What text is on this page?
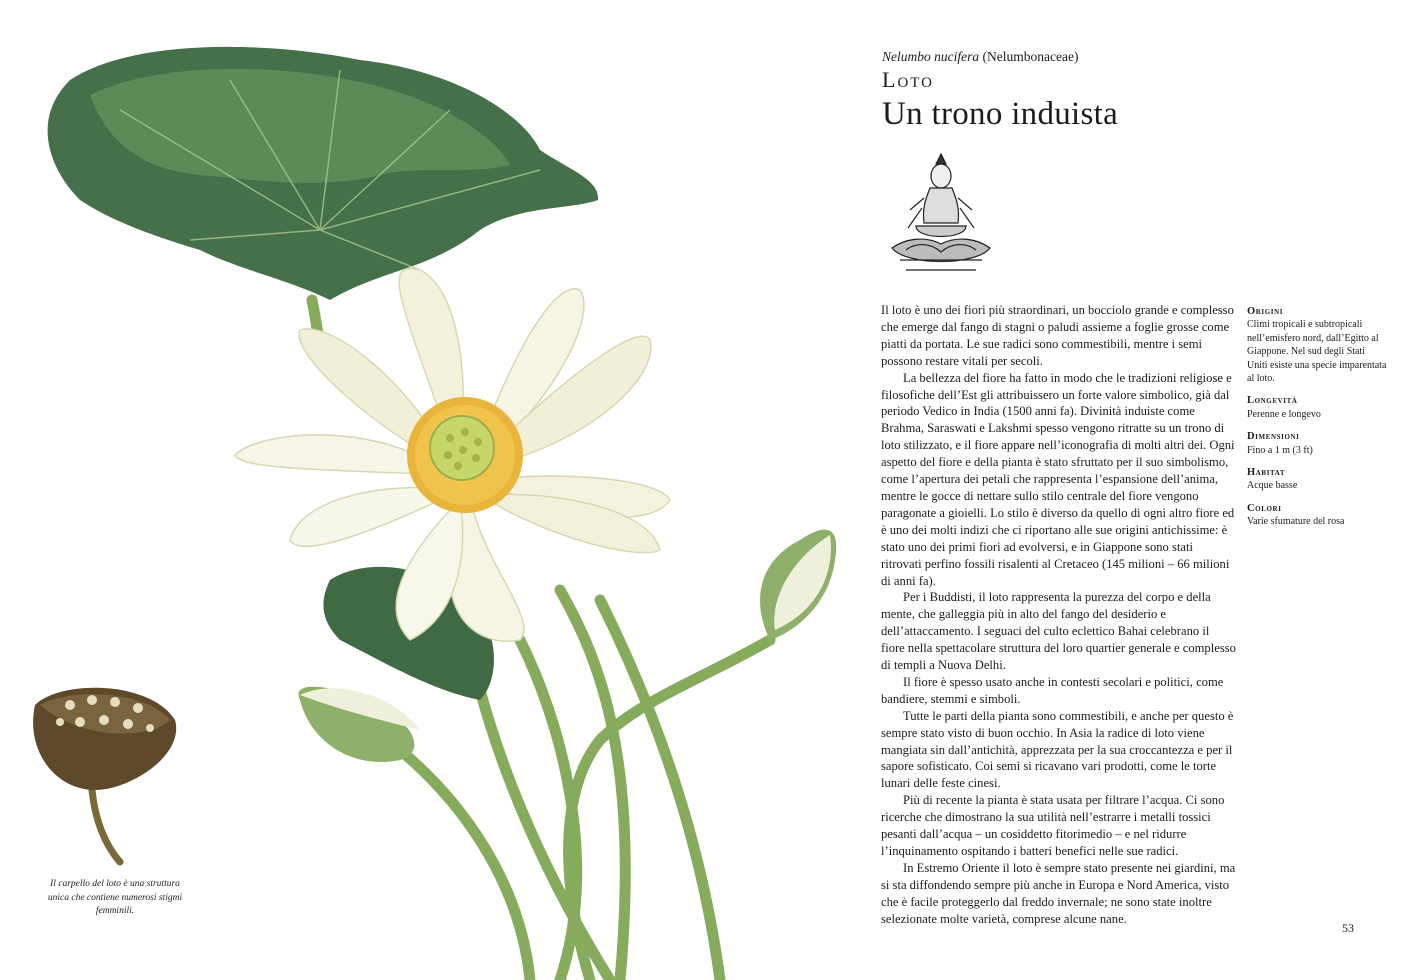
Il carpello del loto è una struttura unica che contiene numerosi stigmi femminili.
Nelumbo nucifera (Nelumbonaceae)
Loto
Un trono induista

Il loto è uno dei fiori più straordinari, un bocciolo grande e complesso che emerge dal fango di stagni o paludi assieme a foglie grosse come piatti da portata. Le sue radici sono commestibili, mentre i semi possono restare vitali per secoli.

La bellezza del fiore ha fatto in modo che le tradizioni religiose e filosofiche dell’Est gli attribuissero un forte valore simbolico, già dal periodo Vedico in India (1500 anni fa). Divinità induiste come Brahma, Saraswati e Lakshmi spesso vengono ritratte su un trono di loto stilizzato, e il fiore appare nell’iconografia di molti altri dei. Ogni aspetto del fiore e della pianta è stato sfruttato per il suo simbolismo, come l’apertura dei petali che rappresenta l’espansione dell’anima, mentre le gocce di nettare sullo stilo centrale del fiore vengono paragonate a gioielli. Lo stilo è diverso da quello di ogni altro fiore ed è uno dei molti indizi che ci riportano alle sue origini antichissime: è stato uno dei primi fiori ad evolversi, e in Giappone sono stati ritrovati perfino fossili risalenti al Cretaceo (145 milioni – 66 milioni di anni fa).

Per i Buddisti, il loto rappresenta la purezza del corpo e della mente, che galleggia più in alto del fango del desiderio e dell’attaccamento. I seguaci del culto eclettico Bahai celebrano il fiore nella spettacolare struttura del loro quartier generale e complesso di templi a Nuova Delhi.

Il fiore è spesso usato anche in contesti secolari e politici, come bandiere, stemmi e simboli.

Tutte le parti della pianta sono commestibili, e anche per questo è sempre stato visto di buon occhio. In Asia la radice di loto viene mangiata sin dall’antichità, apprezzata per la sua croccantezza e per il sapore sofisticato. Coi semi si ricavano vari prodotti, come le torte lunari delle feste cinesi.

Più di recente la pianta è stata usata per filtrare l’acqua. Ci sono ricerche che dimostrano la sua utilità nell’estrarre i metalli tossici pesanti dall’acqua – un cosiddetto fitorimedio – e nel ridurre l’inquinamento ospitando i batteri benefici nelle sue radici.

In Estremo Oriente il loto è sempre stato presente nei giardini, ma si sta diffondendo sempre più anche in Europa e Nord America, visto che è facile proteggerlo dal freddo invernale; ne sono state inoltre selezionate molte varietà, comprese alcune nane.

Origini
Climi tropicali e subtropicali nell’emisfero nord, dall’Egitto al Giappone. Nel sud degli Stati Uniti esiste una specie imparentata al loto.
Longevità
Perenne e longevo
Dimensioni
Fino a 1 m (3 ft)
Habitat
Acque basse
Colori
Varie sfumature del rosa
53
